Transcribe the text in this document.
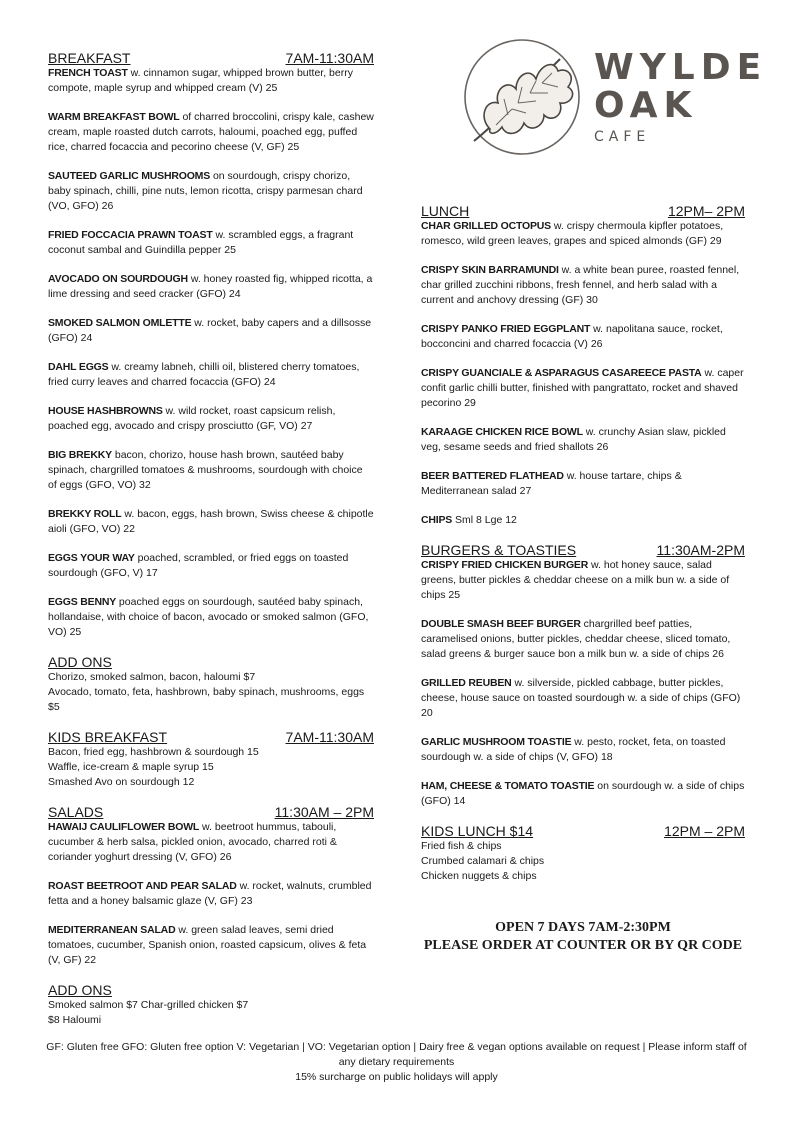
WYLDE
OAK
CAFE
BREAKFAST	7AM-11:30AM

FRENCH TOAST w. cinnamon sugar, whipped brown butter, berry compote, maple syrup and whipped cream (V) 25

WARM BREAKFAST BOWL of charred broccolini, crispy kale, cashew cream, maple roasted dutch carrots, haloumi, poached egg, puffed rice, charred focaccia and pecorino cheese (V, GF) 25

SAUTEED GARLIC MUSHROOMS on sourdough, crispy chorizo, baby spinach, chilli, pine nuts, lemon ricotta, crispy parmesan chard (VO, GFO) 26

FRIED FOCCACIA PRAWN TOAST w. scrambled eggs, a fragrant coconut sambal and Guindilla pepper 25

AVOCADO ON SOURDOUGH w. honey roasted fig, whipped ricotta, a lime dressing and seed cracker (GFO) 24

SMOKED SALMON OMLETTE w. rocket, baby capers and a dillsosse (GFO) 24

DAHL EGGS w. creamy labneh, chilli oil, blistered cherry tomatoes, fried curry leaves and charred focaccia (GFO) 24

HOUSE HASHBROWNS w. wild rocket, roast capsicum relish, poached egg, avocado and crispy prosciutto (GF, VO) 27

BIG BREKKY bacon, chorizo, house hash brown, sautéed baby spinach, chargrilled tomatoes & mushrooms, sourdough with choice of eggs (GFO, VO) 32

BREKKY ROLL w. bacon, eggs, hash brown, Swiss cheese & chipotle aioli (GFO, VO) 22

EGGS YOUR WAY poached, scrambled, or fried eggs on toasted sourdough (GFO, V) 17

EGGS BENNY poached eggs on sourdough, sautéed baby spinach, hollandaise, with choice of bacon, avocado or smoked salmon (GFO, VO) 25

ADD ONS

Chorizo, smoked salmon, bacon, haloumi $7

Avocado, tomato, feta, hashbrown, baby spinach, mushrooms, eggs $5

KIDS BREAKFAST	7AM-11:30AM

Bacon, fried egg, hashbrown & sourdough 15

Waffle, ice-cream & maple syrup 15

Smashed Avo on sourdough 12

SALADS	11:30AM – 2PM

HAWAIJ CAULIFLOWER BOWL w. beetroot hummus, tabouli, cucumber & herb salsa, pickled onion, avocado, charred roti & coriander yoghurt dressing (V, GFO) 26

ROAST BEETROOT AND PEAR SALAD w. rocket, walnuts, crumbled fetta and a honey balsamic glaze (V, GF) 23

MEDITERRANEAN SALAD w. green salad leaves, semi dried tomatoes, cucumber, Spanish onion, roasted capsicum, olives & feta (V, GF) 22

ADD ONS

Smoked salmon $7 Char-grilled chicken $7

$8 Haloumi

LUNCH	12PM– 2PM

CHAR GRILLED OCTOPUS w. crispy chermoula kipfler potatoes, romesco, wild green leaves, grapes and spiced almonds (GF) 29

CRISPY SKIN BARRAMUNDI w. a white bean puree, roasted fennel, char grilled zucchini ribbons, fresh fennel, and herb salad with a current and anchovy dressing (GF) 30

CRISPY PANKO FRIED EGGPLANT w. napolitana sauce, rocket, bocconcini and charred focaccia (V) 26

CRISPY GUANCIALE & ASPARAGUS CASAREECE PASTA w. caper confit garlic chilli butter, finished with pangrattato, rocket and shaved pecorino 29

KARAAGE CHICKEN RICE BOWL w. crunchy Asian slaw, pickled veg, sesame seeds and fried shallots 26

BEER BATTERED FLATHEAD w. house tartare, chips & Mediterranean salad 27

CHIPS Sml 8 Lge 12

BURGERS & TOASTIES	11:30AM-2PM

CRISPY FRIED CHICKEN BURGER w. hot honey sauce, salad greens, butter pickles & cheddar cheese on a milk bun w. a side of chips 25

DOUBLE SMASH BEEF BURGER chargrilled beef patties, caramelised onions, butter pickles, cheddar cheese, sliced tomato, salad greens & burger sauce bon a milk bun w. a side of chips 26

GRILLED REUBEN w. silverside, pickled cabbage, butter pickles, cheese, house sauce on toasted sourdough w. a side of chips (GFO) 20

GARLIC MUSHROOM TOASTIE w. pesto, rocket, feta, on toasted sourdough w. a side of chips (V, GFO) 18

HAM, CHEESE & TOMATO TOASTIE on sourdough w. a side of chips (GFO) 14

KIDS LUNCH $14	12PM – 2PM

Fried fish & chips

Crumbed calamari & chips

Chicken nuggets & chips

OPEN 7 DAYS 7AM-2:30PM
PLEASE ORDER AT COUNTER OR BY QR CODE
GF: Gluten free GFO: Gluten free option V: Vegetarian | VO: Vegetarian option | Dairy free & vegan options available on request | Please inform staff of any dietary requirements
15% surcharge on public holidays will apply
